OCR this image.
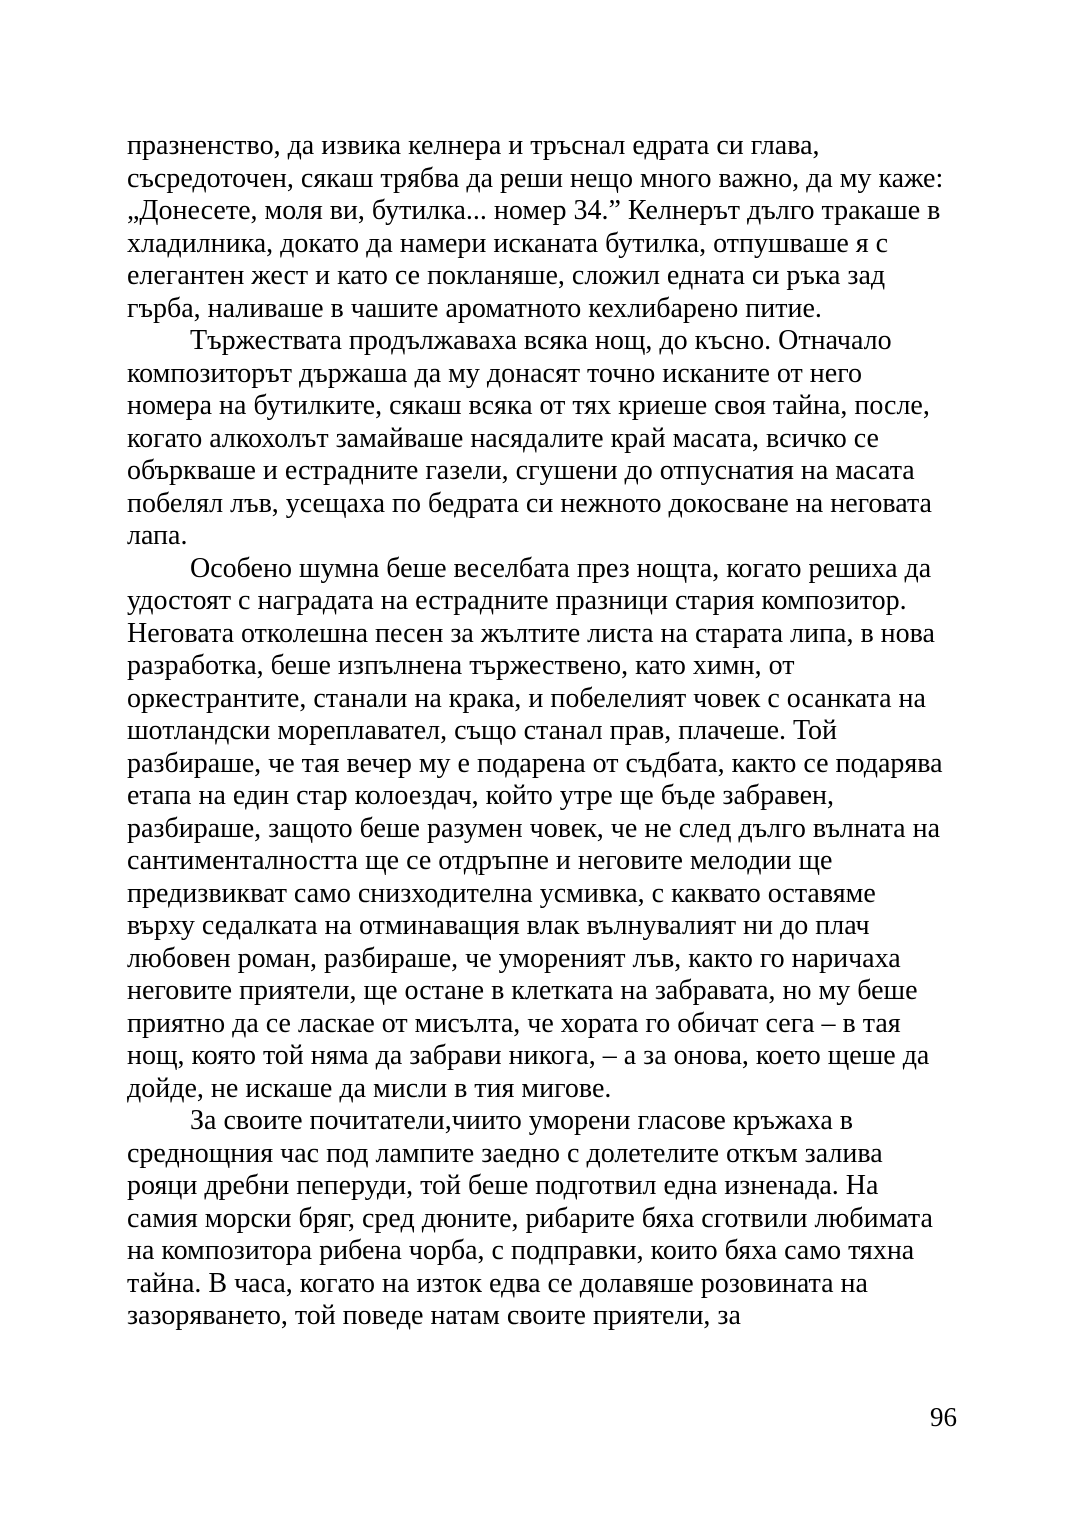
празненство, да извика келнера и тръснал едрата си глава, съсредоточен, сякаш трябва да реши нещо много важно, да му каже: „Донесете, моля ви, бутилка... номер 34.” Келнерът дълго тракаше в хладилника, докато да намери исканата бутилка, отпушваше я с елегантен жест и като се покланяше, сложил едната си ръка зад гърба, наливаше в чашите ароматното кехлибарено питие.

Тържествата продължаваха всяка нощ, до късно. Отначало композиторът държаша да му донасят точно исканите от него номера на бутилките, сякаш всяка от тях криеше своя тайна, после, когато алкохолът замайваше насядалите край масата, всичко се объркваше и естрадните газели, сгушени до отпуснатия на масата побелял лъв, усещаха по бедрата си нежното докосване на неговата лапа.

Особено шумна беше веселбата през нощта, когато решиха да удостоят с наградата на естрадните празници стария композитор. Неговата отколешна песен за жълтите листа на старата липа, в нова разработка, беше изпълнена тържествено, като химн, от оркестрантите, станали на крака, и побелелият човек с осанката на шотландски мореплавател, също станал прав, плачеше. Той разбираше, че тая вечер му е подарена от съдбата, както се подарява етапа на един стар колоездач, който утре ще бъде забравен, разбираше, защото беше разумен човек, че не след дълго вълната на сантименталността ще се отдръпне и неговите мелодии ще предизвикват само снизходителна усмивка, с каквато оставяме върху седалката на отминаващия влак вълнувалият ни до плач любовен роман, разбираше, че умореният лъв, както го наричаха неговите приятели, ще остане в клетката на забравата, но му беше приятно да се ласкае от мисълта, че хората го обичат сега – в тая нощ, която той няма да забрави никога, – а за онова, което щеше да дойде, не искаше да мисли в тия мигове.

За своите почитатели,чиито уморени гласове кръжаха в среднощния час под лампите заедно с долетелите откъм залива рояци дребни пеперуди, той беше подготвил една изненада. На самия морски бряг, сред дюните, рибарите бяха сготвили любимата на композитора рибена чорба, с подправки, които бяха само тяхна тайна. В часа, когато на изток едва се долавяше розовината на зазоряването, той поведе натам своите приятели, за

96
